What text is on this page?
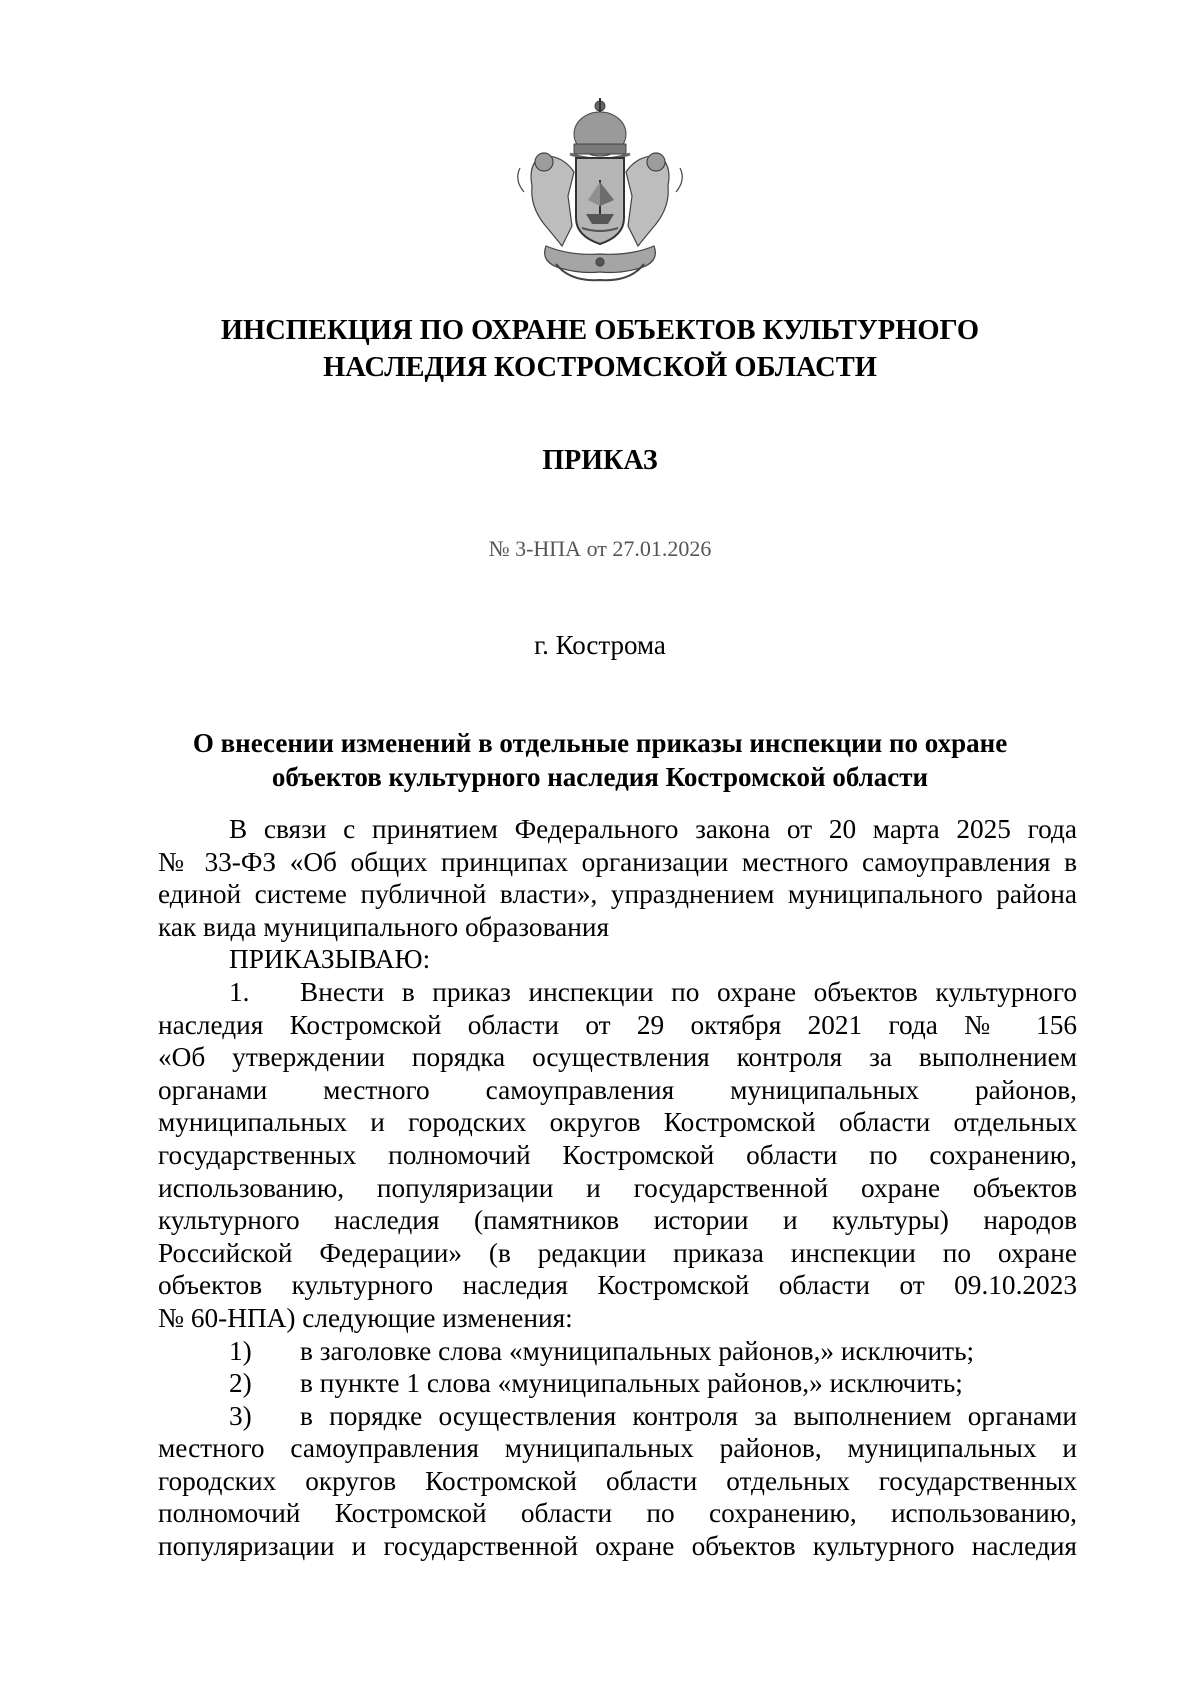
ИНСПЕКЦИЯ ПО ОХРАНЕ ОБЪЕКТОВ КУЛЬТУРНОГО
НАСЛЕДИЯ КОСТРОМСКОЙ ОБЛАСТИ
ПРИКАЗ
№ 3-НПА от 27.01.2026
г. Кострома
О внесении изменений в отдельные приказы инспекции по охране
объектов культурного наследия Костромской области

В связи с принятием Федерального закона от 20 марта 2025 года

№ 33-ФЗ «Об общих принципах организации местного самоуправления в

единой системе публичной власти», упразднением муниципального района

как вида муниципального образования

ПРИКАЗЫВАЮ:

1.	Внести в приказ инспекции по охране объектов культурного

наследия Костромской области от 29 октября 2021 года № 156

«Об утверждении порядка осуществления контроля за выполнением

органами местного самоуправления муниципальных районов,

муниципальных и городских округов Костромской области отдельных

государственных полномочий Костромской области по сохранению,

использованию, популяризации и государственной охране объектов

культурного наследия (памятников истории и культуры) народов

Российской Федерации» (в редакции приказа инспекции по охране

объектов культурного наследия Костромской области от 09.10.2023

№ 60-НПА) следующие изменения:

1)	в заголовке слова «муниципальных районов,» исключить;
2)	в пункте 1 слова «муниципальных районов,» исключить;
3)	в порядке осуществления контроля за выполнением органами

местного самоуправления муниципальных районов, муниципальных и

городских округов Костромской области отдельных государственных

полномочий Костромской области по сохранению, использованию,

популяризации и государственной охране объектов культурного наследия
